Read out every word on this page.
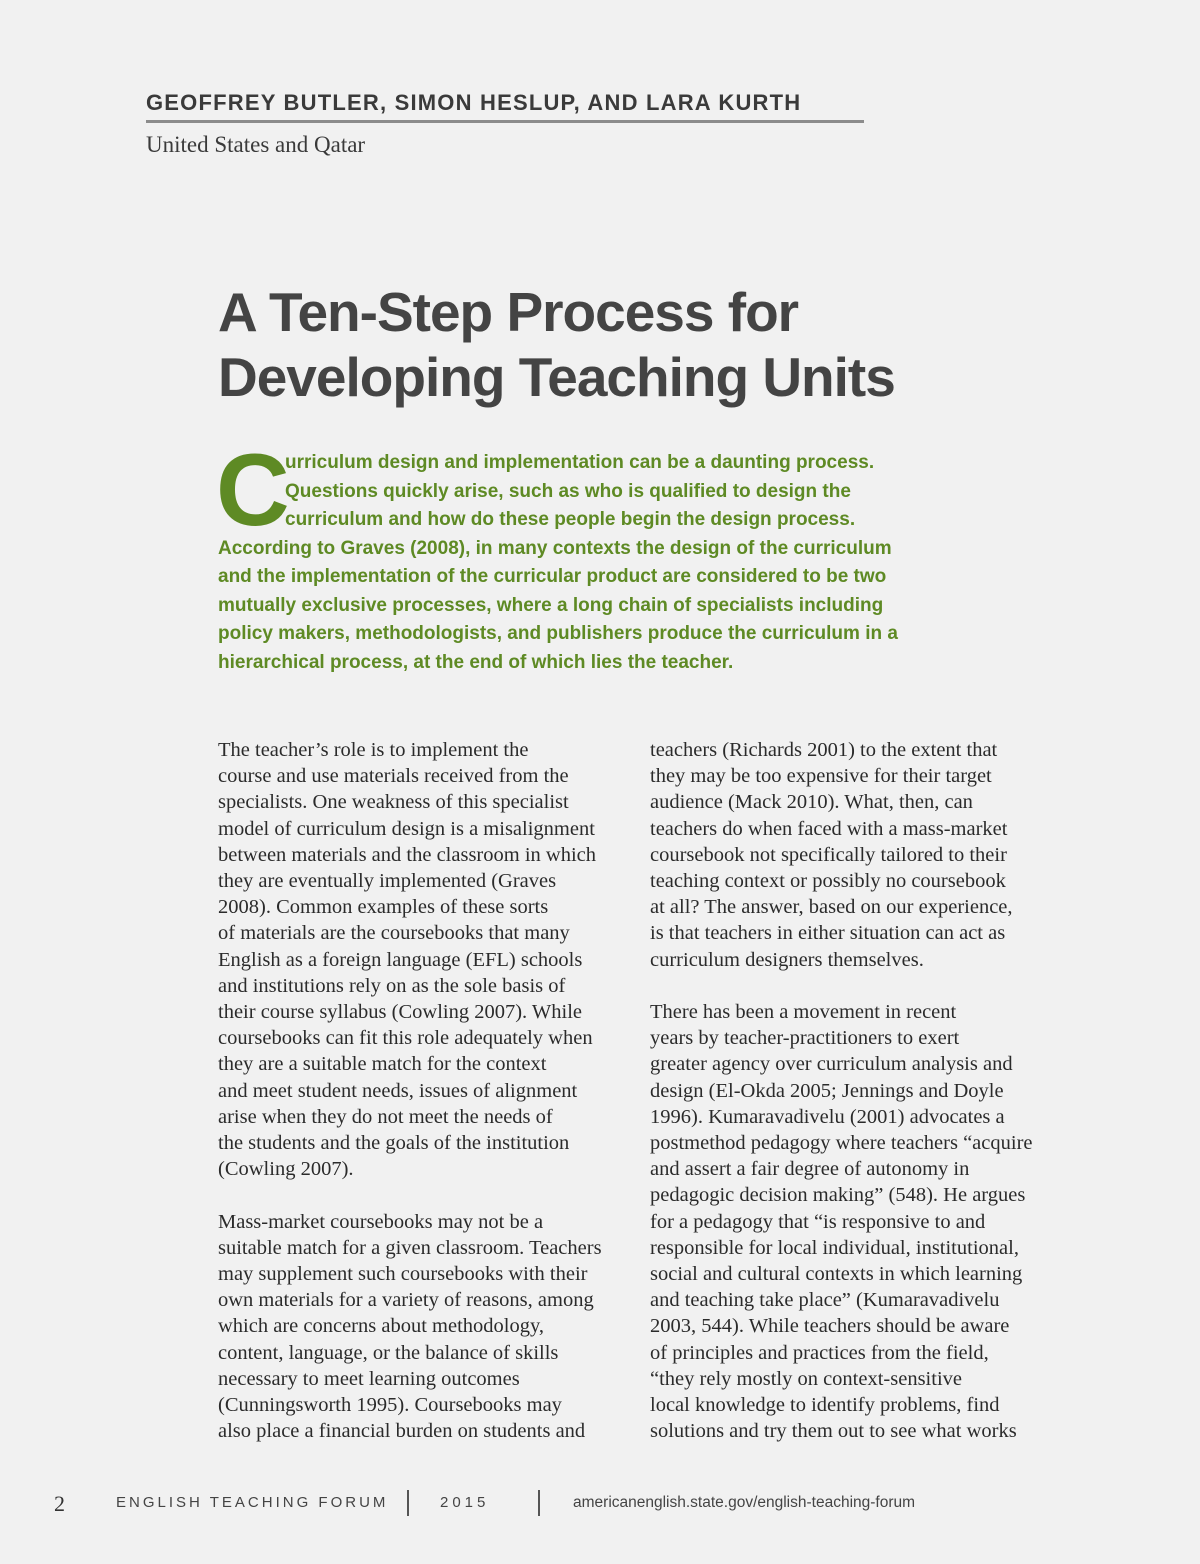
GEOFFREY BUTLER, SIMON HESLUP, AND LARA KURTH
United States and Qatar
A Ten-Step Process for
Developing Teaching Units
C
urriculum design and implementation can be a daunting process.
Questions quickly arise, such as who is qualified to design the
curriculum and how do these people begin the design process.
According to Graves (2008), in many contexts the design of the curriculum
and the implementation of the curricular product are considered to be two
mutually exclusive processes, where a long chain of specialists including
policy makers, methodologists, and publishers produce the curriculum in a
hierarchical process, at the end of which lies the teacher.
The teacher’s role is to implement the
course and use materials received from the
specialists. One weakness of this specialist
model of curriculum design is a misalignment
between materials and the classroom in which
they are eventually implemented (Graves
2008). Common examples of these sorts
of materials are the coursebooks that many
English as a foreign language (EFL) schools
and institutions rely on as the sole basis of
their course syllabus (Cowling 2007). While
coursebooks can fit this role adequately when
they are a suitable match for the context
and meet student needs, issues of alignment
arise when they do not meet the needs of
the students and the goals of the institution
(Cowling 2007).
Mass-market coursebooks may not be a
suitable match for a given classroom. Teachers
may supplement such coursebooks with their
own materials for a variety of reasons, among
which are concerns about methodology,
content, language, or the balance of skills
necessary to meet learning outcomes
(Cunningsworth 1995). Coursebooks may
also place a financial burden on students and
teachers (Richards 2001) to the extent that
they may be too expensive for their target
audience (Mack 2010). What, then, can
teachers do when faced with a mass-market
coursebook not specifically tailored to their
teaching context or possibly no coursebook
at all? The answer, based on our experience,
is that teachers in either situation can act as
curriculum designers themselves.
There has been a movement in recent
years by teacher-practitioners to exert
greater agency over curriculum analysis and
design (El-Okda 2005; Jennings and Doyle
1996). Kumaravadivelu (2001) advocates a
postmethod pedagogy where teachers “acquire
and assert a fair degree of autonomy in
pedagogic decision making” (548). He argues
for a pedagogy that “is responsive to and
responsible for local individual, institutional,
social and cultural contexts in which learning
and teaching take place” (Kumaravadivelu
2003, 544). While teachers should be aware
of principles and practices from the field,
“they rely mostly on context-sensitive
local knowledge to identify problems, find
solutions and try them out to see what works
2	ENGLISH TEACHING FORUM	2015	americanenglish.state.gov/english-teaching-forum
